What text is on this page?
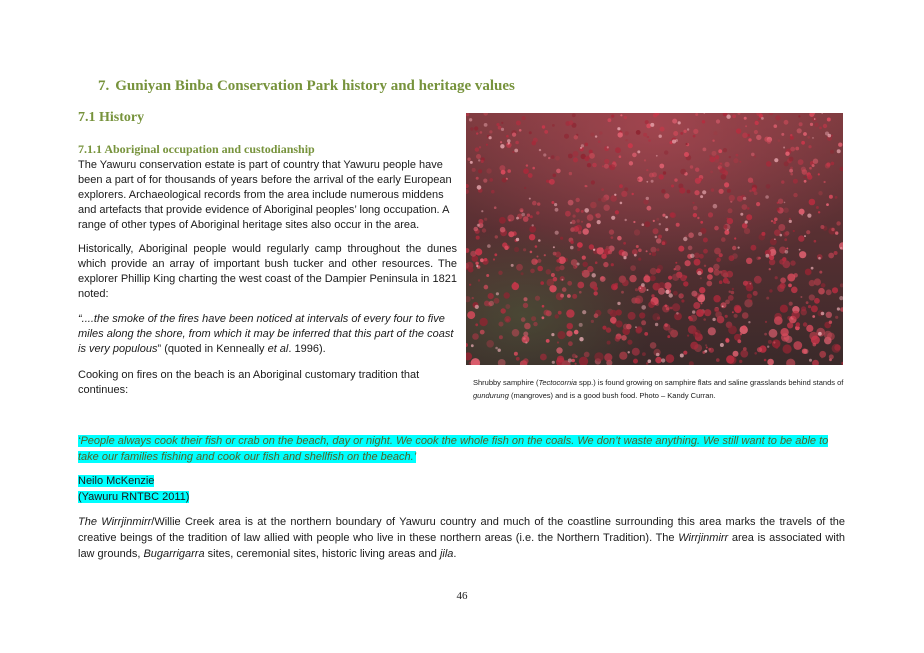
7. Guniyan Binba Conservation Park history and heritage values
7.1 History
7.1.1 Aboriginal occupation and custodianship

The Yawuru conservation estate is part of country that Yawuru people have been a part of for thousands of years before the arrival of the early European explorers. Archaeological records from the area include numerous middens and artefacts that provide evidence of Aboriginal peoples’ long occupation. A range of other types of Aboriginal heritage sites also occur in the area.

Historically, Aboriginal people would regularly camp throughout the dunes which provide an array of important bush tucker and other resources. The explorer Phillip King charting the west coast of the Dampier Peninsula in 1821 noted:

“....the smoke of the fires have been noticed at intervals of every four to five miles along the shore, from which it may be inferred that this part of the coast is very populous” (quoted in Kenneally et al. 1996).

Cooking on fires on the beach is an Aboriginal customary tradition that continues:

Shrubby samphire (Tectocornia spp.) is found growing on samphire flats and saline grasslands behind stands of gundurung (mangroves) and is a good bush food. Photo – Kandy Curran.

‘People always cook their fish or crab on the beach, day or night. We cook the whole fish on the coals. We don’t waste anything. We still want to be able to take our families fishing and cook our fish and shellfish on the beach.’

Neilo McKenzie
(Yawuru RNTBC 2011)

The Wirrjinmirr/Willie Creek area is at the northern boundary of Yawuru country and much of the coastline surrounding this area marks the travels of the creative beings of the tradition of law allied with people who live in these northern areas (i.e. the Northern Tradition). The Wirrjinmirr area is associated with law grounds, Bugarrigarra sites, ceremonial sites, historic living areas and jila.

46
